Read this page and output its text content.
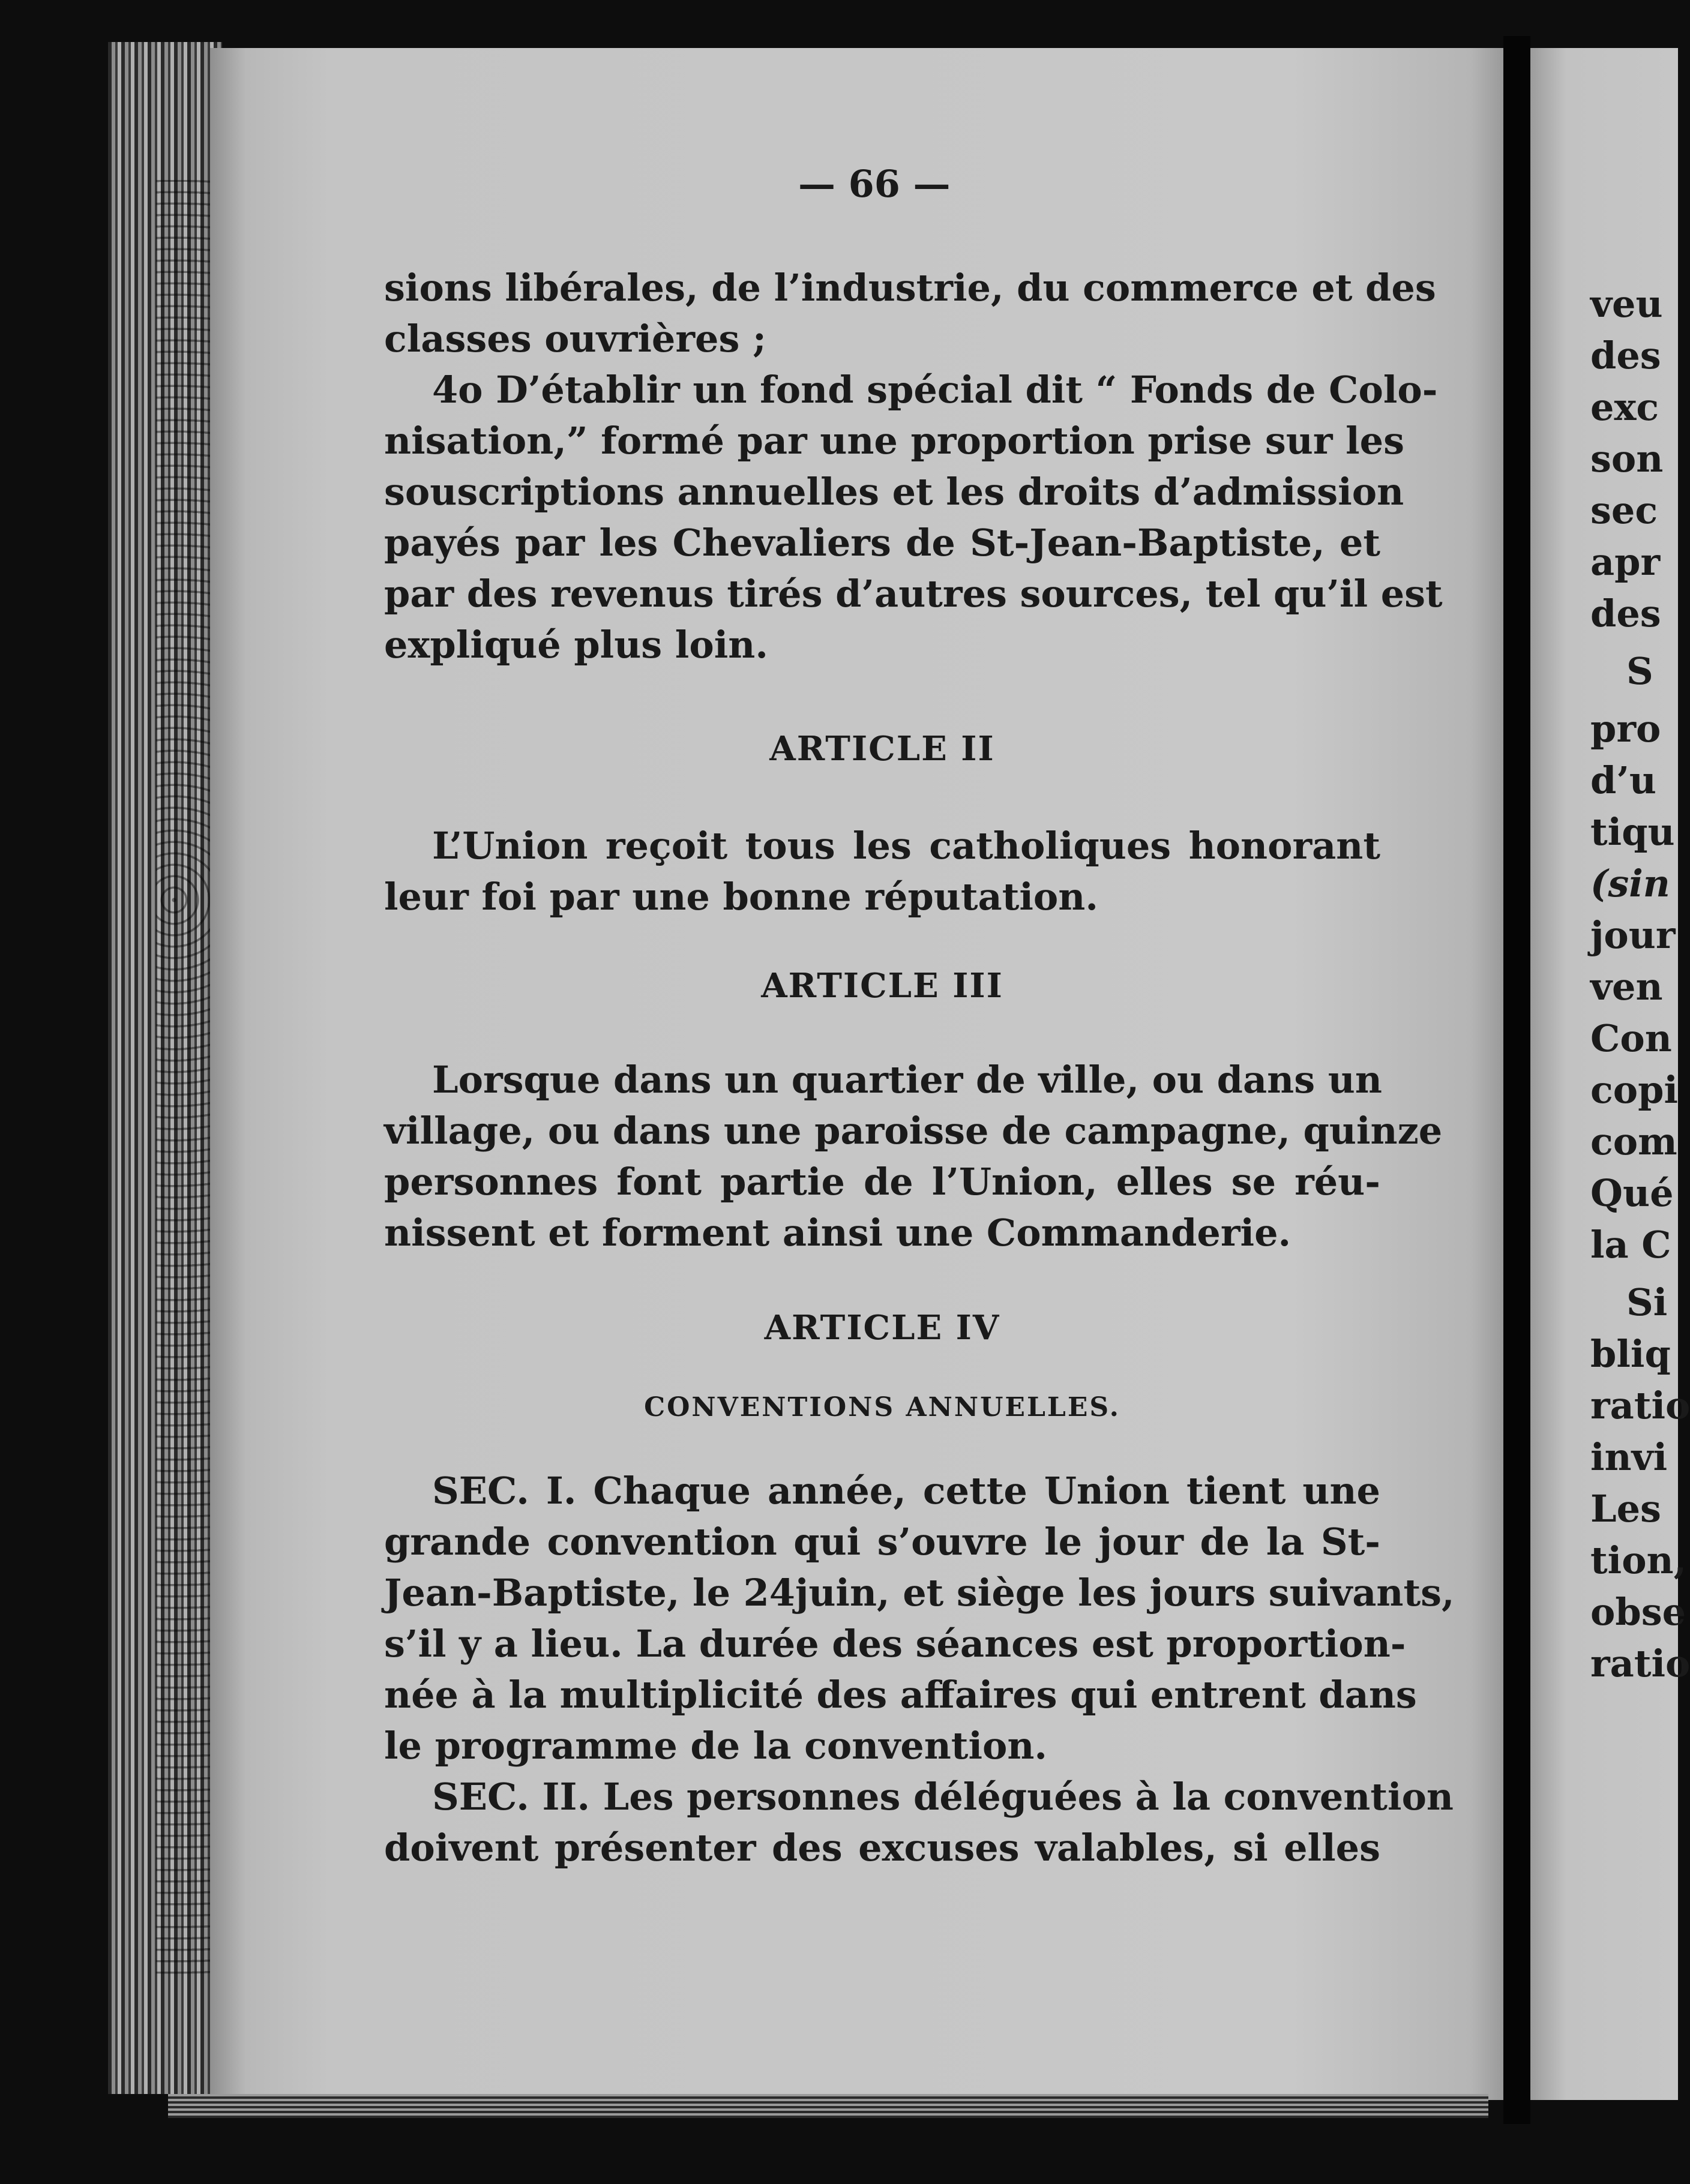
veu
des
exc
son
sec
apr
des
S
pro
d’u
tiqu
(sin
jour
ven
Con
copi
com
Qué
la C
Si
bliq
ratio
invi
Les
tion,
obse
ratio
— 66 —
sions libérales, de l’industrie, du commerce et des
classes ouvrières ;
4o D’établir un fond spécial dit “ Fonds de Colo-
nisation,” formé par une proportion prise sur les
souscriptions annuelles et les droits d’admission
payés par les Chevaliers de St-Jean-Baptiste, et
par des revenus tirés d’autres sources, tel qu’il est
expliqué plus loin.
ARTICLE II
L’Union reçoit tous les catholiques honorant
leur foi par une bonne réputation.
ARTICLE III
Lorsque dans un quartier de ville, ou dans un
village, ou dans une paroisse de campagne, quinze
personnes font partie de l’Union, elles se réu-
nissent et forment ainsi une Commanderie.
ARTICLE IV
CONVENTIONS ANNUELLES.
SEC. I. Chaque année, cette Union tient une
grande convention qui s’ouvre le jour de la St-
Jean-Baptiste, le 24juin, et siège les jours suivants,
s’il y a lieu. La durée des séances est proportion-
née à la multiplicité des affaires qui entrent dans
le programme de la convention.
SEC. II. Les personnes déléguées à la convention
doivent présenter des excuses valables, si elles
